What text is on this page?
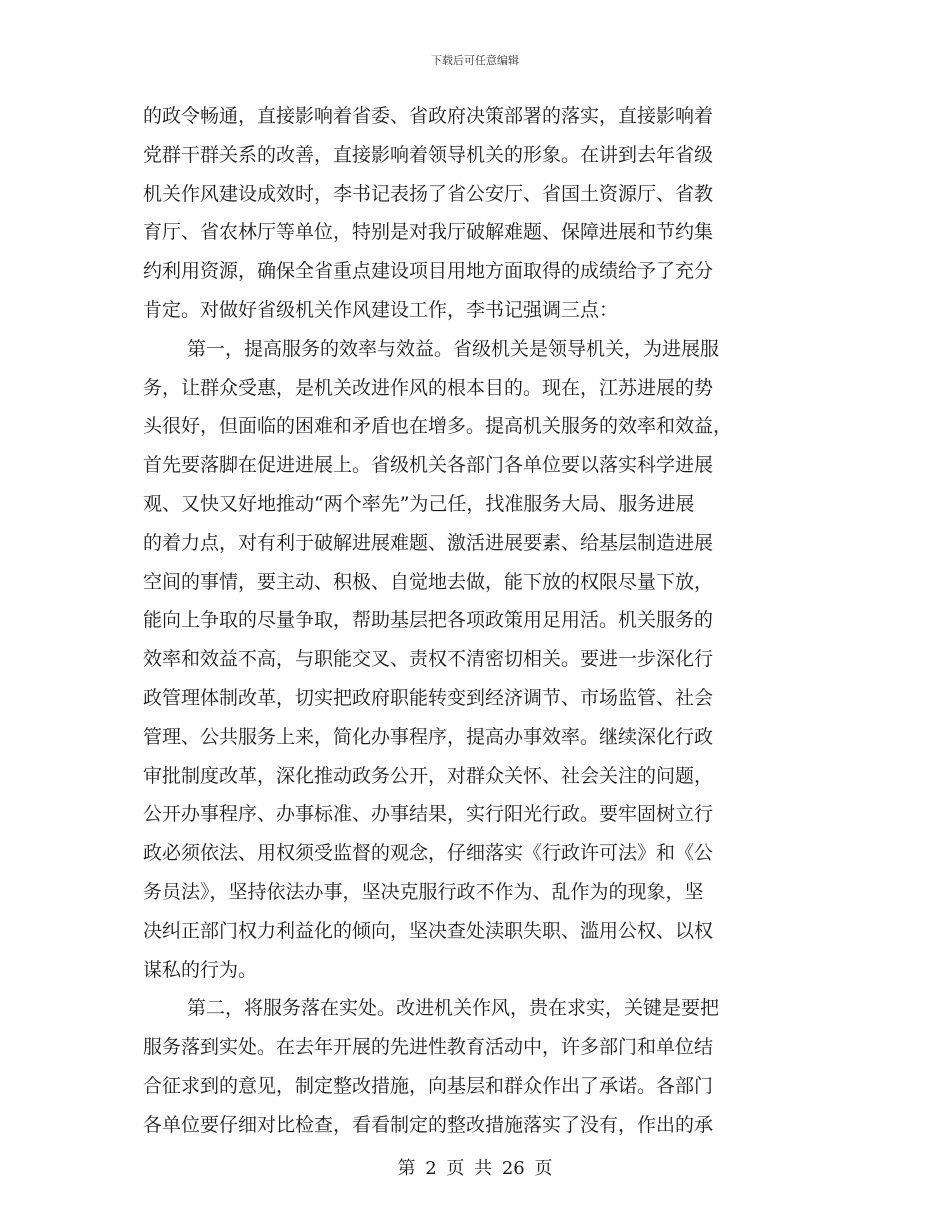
下载后可任意编辑
的政令畅通，直接影响着省委、省政府决策部署的落实，直接影响着
党群干群关系的改善，直接影响着领导机关的形象。在讲到去年省级
机关作风建设成效时，李书记表扬了省公安厅、省国土资源厅、省教
育厅、省农林厅等单位，特别是对我厅破解难题、保障进展和节约集
约利用资源，确保全省重点建设项目用地方面取得的成绩给予了充分
肯定。对做好省级机关作风建设工作，李书记强调三点：
第一，提高服务的效率与效益。省级机关是领导机关，为进展服
务，让群众受惠，是机关改进作风的根本目的。现在，江苏进展的势
头很好，但面临的困难和矛盾也在增多。提高机关服务的效率和效益，
首先要落脚在促进进展上。省级机关各部门各单位要以落实科学进展
观、又快又好地推动“两个率先”为己任，找准服务大局、服务进展
的着力点，对有利于破解进展难题、激活进展要素、给基层制造进展
空间的事情，要主动、积极、自觉地去做，能下放的权限尽量下放，
能向上争取的尽量争取，帮助基层把各项政策用足用活。机关服务的
效率和效益不高，与职能交叉、责权不清密切相关。要进一步深化行
政管理体制改革，切实把政府职能转变到经济调节、市场监管、社会
管理、公共服务上来，简化办事程序，提高办事效率。继续深化行政
审批制度改革，深化推动政务公开，对群众关怀、社会关注的问题，
公开办事程序、办事标准、办事结果，实行阳光行政。要牢固树立行
政必须依法、用权须受监督的观念，仔细落实《行政许可法》和《公
务员法》，坚持依法办事，坚决克服行政不作为、乱作为的现象，坚
决纠正部门权力利益化的倾向，坚决查处渎职失职、滥用公权、以权
谋私的行为。
第二，将服务落在实处。改进机关作风，贵在求实，关键是要把
服务落到实处。在去年开展的先进性教育活动中，许多部门和单位结
合征求到的意见，制定整改措施，向基层和群众作出了承诺。各部门
各单位要仔细对比检查，看看制定的整改措施落实了没有，作出的承
第 2 页 共 26 页
